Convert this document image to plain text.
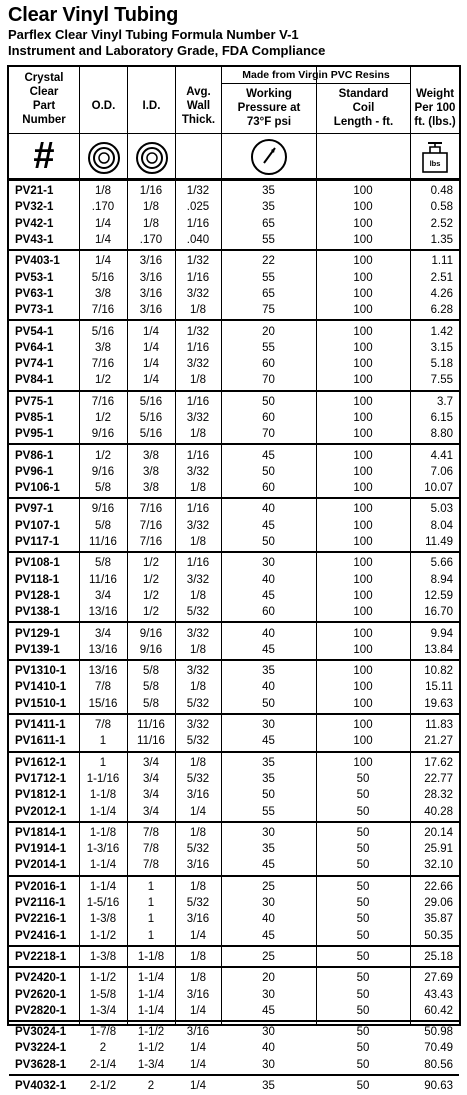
Clear Vinyl Tubing
Parflex Clear Vinyl Tubing Formula Number V-1
Instrument and Laboratory Grade, FDA Compliance
Crystal
Clear
Part
Number
#
O.D.	I.D.
Avg.
Wall
Thick.
Made from Virgin PVC Resins
Working
Pressure at
73°F psi
Standard
Coil
Length - ft.
Weight
Per 100
ft. (lbs.)
lbs
PV21-1	1/8	1/16	1/32	35	100	0.48
PV32-1	.170	1/8	.025	35	100	0.58
PV42-1	1/4	1/8	1/16	65	100	2.52
PV43-1	1/4	.170	.040	55	100	1.35
PV403-1	1/4	3/16	1/32	22	100	1.11
PV53-1	5/16	3/16	1/16	55	100	2.51
PV63-1	3/8	3/16	3/32	65	100	4.26
PV73-1	7/16	3/16	1/8	75	100	6.28
PV54-1	5/16	1/4	1/32	20	100	1.42
PV64-1	3/8	1/4	1/16	55	100	3.15
PV74-1	7/16	1/4	3/32	60	100	5.18
PV84-1	1/2	1/4	1/8	70	100	7.55
PV75-1	7/16	5/16	1/16	50	100	3.7
PV85-1	1/2	5/16	3/32	60	100	6.15
PV95-1	9/16	5/16	1/8	70	100	8.80
PV86-1	1/2	3/8	1/16	45	100	4.41
PV96-1	9/16	3/8	3/32	50	100	7.06
PV106-1	5/8	3/8	1/8	60	100	10.07
PV97-1	9/16	7/16	1/16	40	100	5.03
PV107-1	5/8	7/16	3/32	45	100	8.04
PV117-1	11/16	7/16	1/8	50	100	11.49
PV108-1	5/8	1/2	1/16	30	100	5.66
PV118-1	11/16	1/2	3/32	40	100	8.94
PV128-1	3/4	1/2	1/8	45	100	12.59
PV138-1	13/16	1/2	5/32	60	100	16.70
PV129-1	3/4	9/16	3/32	40	100	9.94
PV139-1	13/16	9/16	1/8	45	100	13.84
PV1310-1	13/16	5/8	3/32	35	100	10.82
PV1410-1	7/8	5/8	1/8	40	100	15.11
PV1510-1	15/16	5/8	5/32	50	100	19.63
PV1411-1	7/8	11/16	3/32	30	100	11.83
PV1611-1	1	11/16	5/32	45	100	21.27
PV1612-1	1	3/4	1/8	35	100	17.62
PV1712-1	1-1/16	3/4	5/32	35	50	22.77
PV1812-1	1-1/8	3/4	3/16	50	50	28.32
PV2012-1	1-1/4	3/4	1/4	55	50	40.28
PV1814-1	1-1/8	7/8	1/8	30	50	20.14
PV1914-1	1-3/16	7/8	5/32	35	50	25.91
PV2014-1	1-1/4	7/8	3/16	45	50	32.10
PV2016-1	1-1/4	1	1/8	25	50	22.66
PV2116-1	1-5/16	1	5/32	30	50	29.06
PV2216-1	1-3/8	1	3/16	40	50	35.87
PV2416-1	1-1/2	1	1/4	45	50	50.35
PV2218-1	1-3/8	1-1/8	1/8	25	50	25.18
PV2420-1	1-1/2	1-1/4	1/8	20	50	27.69
PV2620-1	1-5/8	1-1/4	3/16	30	50	43.43
PV2820-1	1-3/4	1-1/4	1/4	45	50	60.42
PV3024-1	1-7/8	1-1/2	3/16	30	50	50.98
PV3224-1	2	1-1/2	1/4	40	50	70.49
PV3628-1	2-1/4	1-3/4	1/4	30	50	80.56
PV4032-1	2-1/2	2	1/4	35	50	90.63
